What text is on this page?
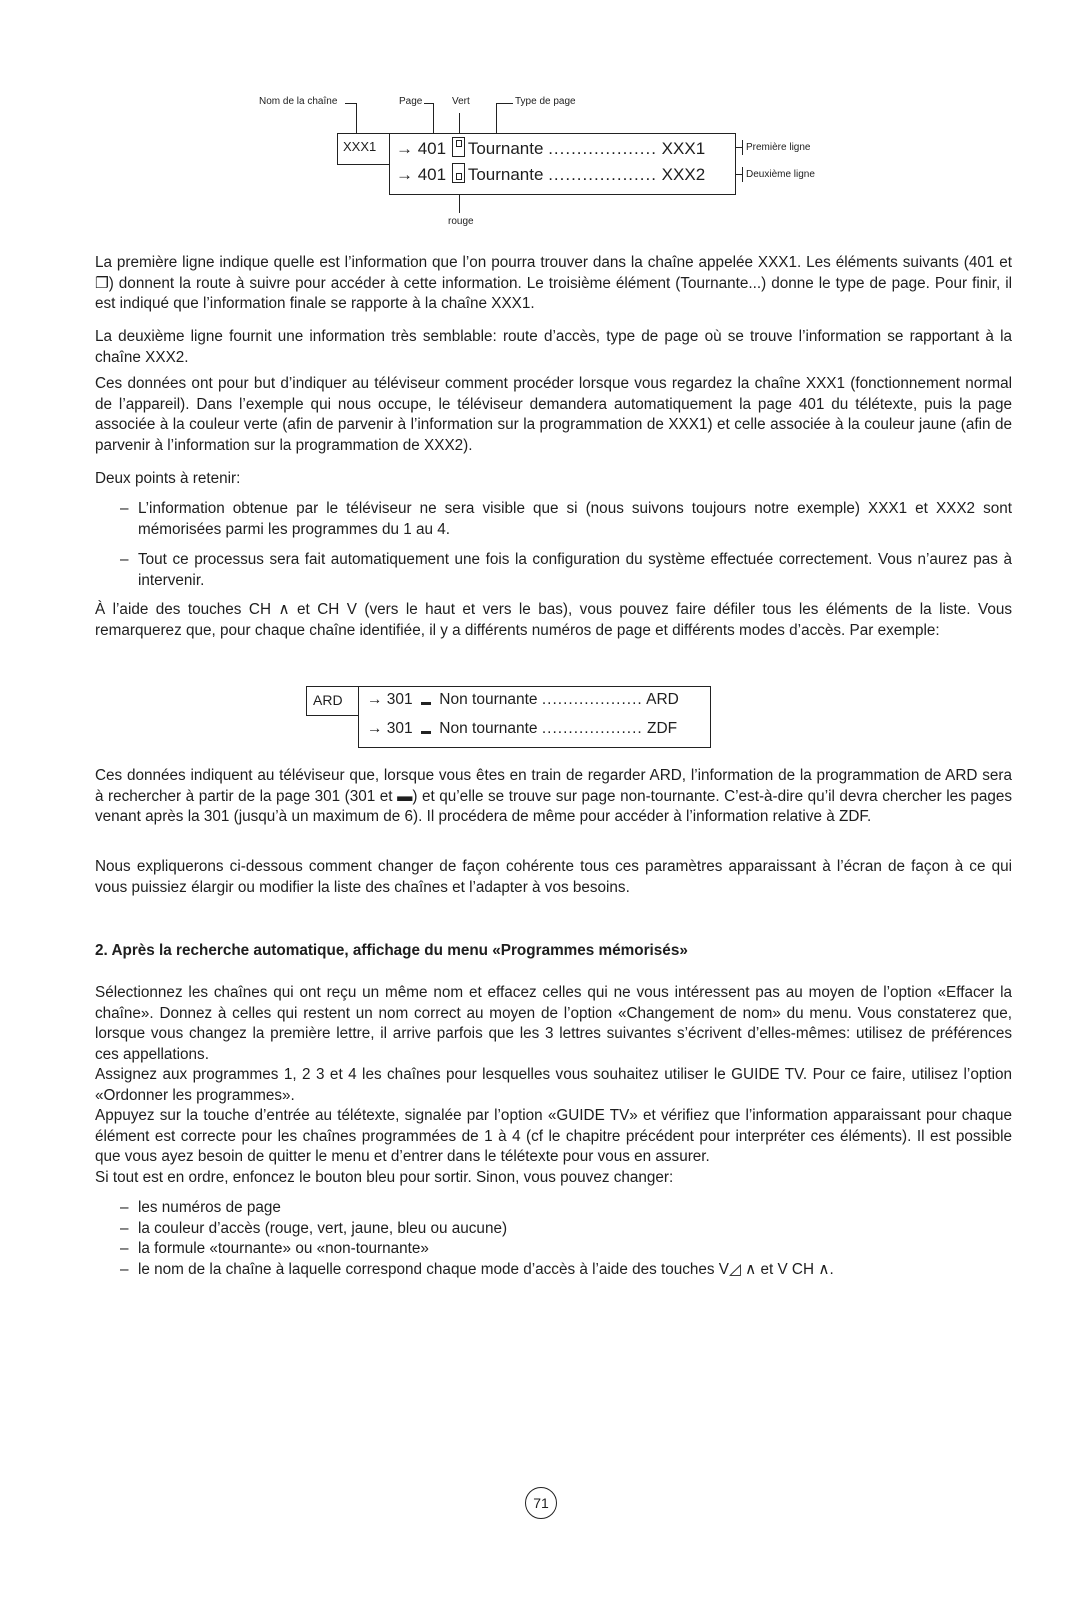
Nom de la chaîne	Page	Vert	Type de page
XXX1 → 401 Tournante ................... XXX1
→ 401 Tournante ................... XXX2
Première ligne
Deuxième ligne
rouge
La première ligne indique quelle est l’information que l’on pourra trouver dans la chaîne appelée XXX1. Les éléments suivants (401 et ❐) donnent la route à suivre pour accéder à cette information. Le troisième élément (Tournante...) donne le type de page. Pour finir, il est indiqué que l’information finale se rapporte à la chaîne XXX1.
La deuxième ligne fournit une information très semblable: route d’accès, type de page où se trouve l’information se rapportant à la chaîne XXX2.
Ces données ont pour but d’indiquer au téléviseur comment procéder lorsque vous regardez la chaîne XXX1 (fonctionnement normal de l’appareil). Dans l’exemple qui nous occupe, le téléviseur demandera automatiquement la page 401 du télétexte, puis la page associée à la couleur verte (afin de parvenir à l’information sur la programmation de XXX1) et celle associée à la couleur jaune (afin de parvenir à l’information sur la programmation de XXX2).
Deux points à retenir:
– L’information obtenue par le téléviseur ne sera visible que si (nous suivons toujours notre exemple) XXX1 et XXX2 sont mémorisées parmi les programmes du 1 au 4.
– Tout ce processus sera fait automatiquement une fois la configuration du système effectuée correctement. Vous n’aurez pas à intervenir.
À l’aide des touches CH ∧ et CH V (vers le haut et vers le bas), vous pouvez faire défiler tous les éléments de la liste. Vous remarquerez que, pour chaque chaîne identifiée, il y a différents numéros de page et différents modes d’accès. Par exemple:
ARD → 301 Non tournante ................... ARD
→ 301 Non tournante ................... ZDF
Ces données indiquent au téléviseur que, lorsque vous êtes en train de regarder ARD, l’information de la programmation de ARD sera à rechercher à partir de la page 301 (301 et ▬) et qu’elle se trouve sur page non-tournante. C’est-à-dire qu’il devra chercher les pages venant après la 301 (jusqu’à un maximum de 6). Il procédera de même pour accéder à l’information relative à ZDF.
Nous expliquerons ci-dessous comment changer de façon cohérente tous ces paramètres apparaissant à l’écran de façon à ce qui vous puissiez élargir ou modifier la liste des chaînes et l’adapter à vos besoins.
2. Après la recherche automatique, affichage du menu «Programmes mémorisés»
Sélectionnez les chaînes qui ont reçu un même nom et effacez celles qui ne vous intéressent pas au moyen de l’option «Effacer la chaîne». Donnez à celles qui restent un nom correct au moyen de l’option «Changement de nom» du menu. Vous constaterez que, lorsque vous changez la première lettre, il arrive parfois que les 3 lettres suivantes s’écrivent d’elles-mêmes: utilisez de préférences ces appellations.
Assignez aux programmes 1, 2 3 et 4 les chaînes pour lesquelles vous souhaitez utiliser le GUIDE TV. Pour ce faire, utilisez l’option «Ordonner les programmes».
Appuyez sur la touche d’entrée au télétexte, signalée par l’option «GUIDE TV» et vérifiez que l’information apparaissant pour chaque élément est correcte pour les chaînes programmées de 1 à 4 (cf le chapitre précédent pour interpréter ces éléments). Il est possible que vous ayez besoin de quitter le menu et d’entrer dans le télétexte pour vous en assurer.
Si tout est en ordre, enfoncez le bouton bleu pour sortir. Sinon, vous pouvez changer:
– les numéros de page
– la couleur d’accès (rouge, vert, jaune, bleu ou aucune)
– la formule «tournante» ou «non-tournante»
– le nom de la chaîne à laquelle correspond chaque mode d’accès à l’aide des touches V◿ ∧ et V CH ∧.
71
